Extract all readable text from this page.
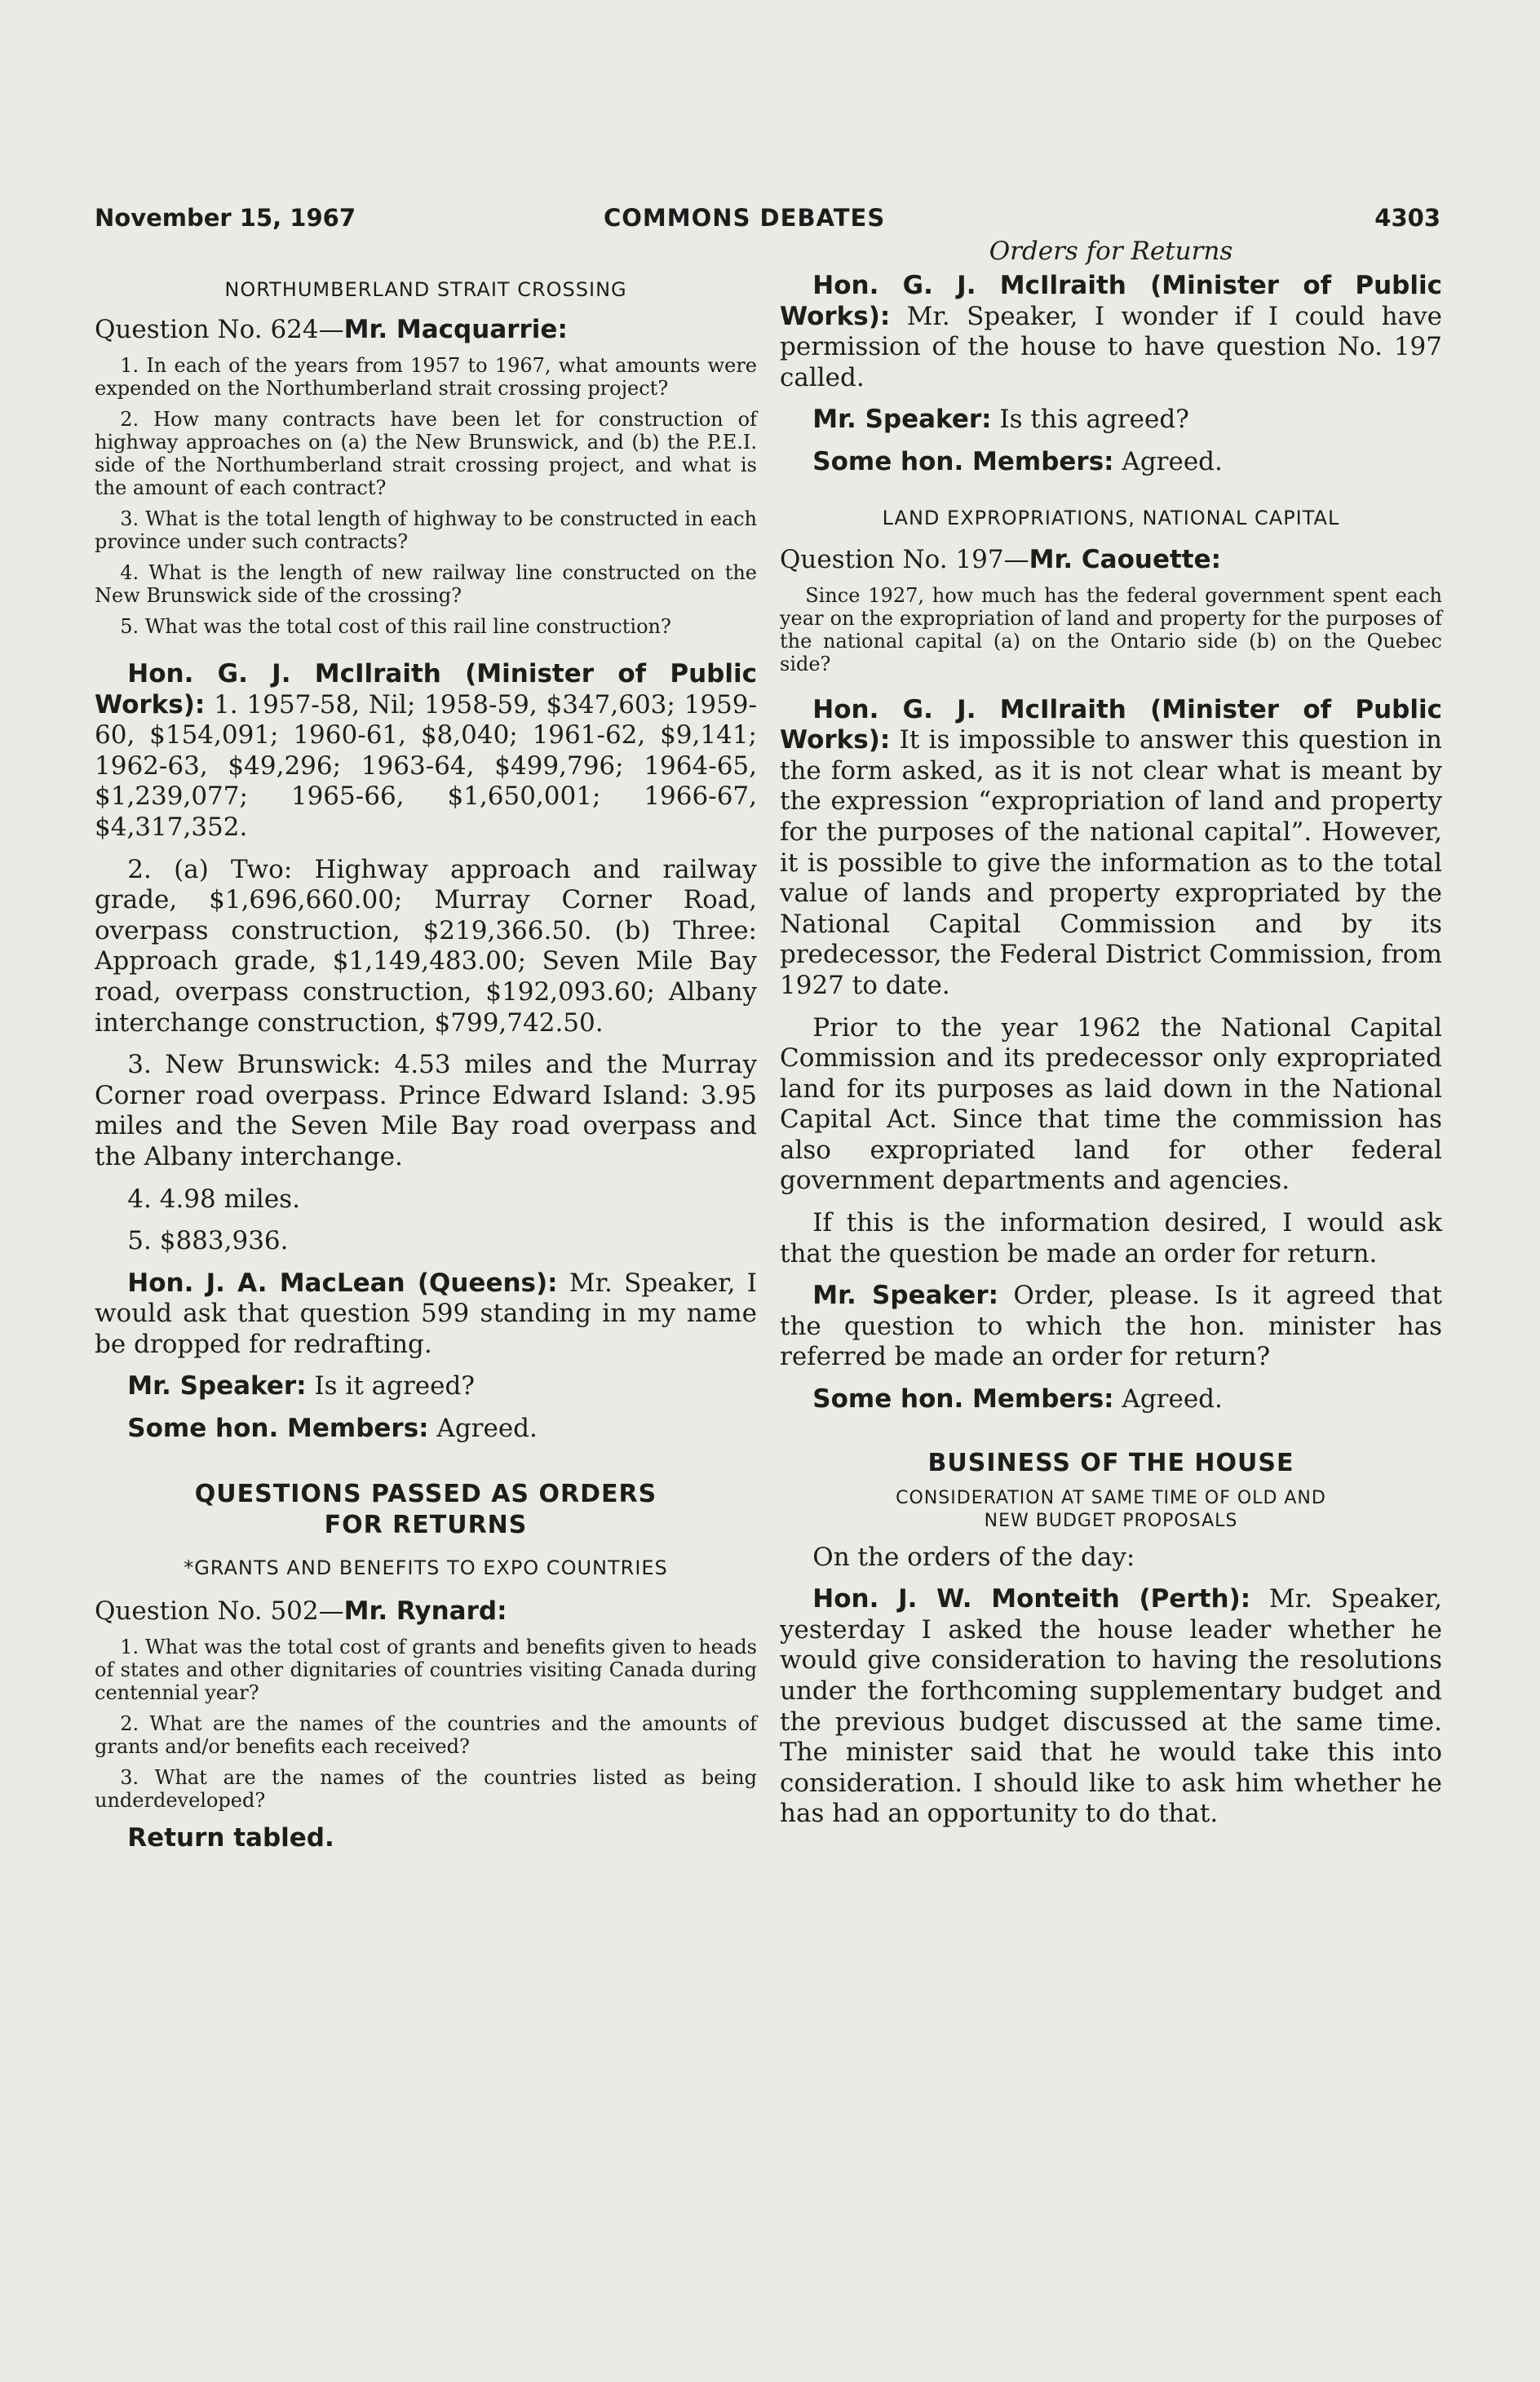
November 15, 1967	COMMONS DEBATES	4303

NORTHUMBERLAND STRAIT CROSSING

Question No. 624—Mr. Macquarrie:

1. In each of the years from 1957 to 1967, what amounts were expended on the Northumberland strait crossing project?

2. How many contracts have been let for construction of highway approaches on (a) the New Brunswick, and (b) the P.E.I. side of the Northumberland strait crossing project, and what is the amount of each contract?

3. What is the total length of highway to be constructed in each province under such contracts?

4. What is the length of new railway line constructed on the New Brunswick side of the crossing?

5. What was the total cost of this rail line construction?

Hon. G. J. McIlraith (Minister of Public Works): 1. 1957-58, Nil; 1958-59, $347,603; 1959-60, $154,091; 1960-61, $8,040; 1961-62, $9,141; 1962-63, $49,296; 1963-64, $499,796; 1964-65, $1,239,077; 1965-66, $1,650,001; 1966-67, $4,317,352.

2. (a) Two: Highway approach and railway grade, $1,696,660.00; Murray Corner Road, overpass construction, $219,366.50. (b) Three: Approach grade, $1,149,483.00; Seven Mile Bay road, overpass construction, $192,093.60; Albany interchange construction, $799,742.50.

3. New Brunswick: 4.53 miles and the Murray Corner road overpass. Prince Edward Island: 3.95 miles and the Seven Mile Bay road overpass and the Albany interchange.

4. 4.98 miles.

5. $883,936.

Hon. J. A. MacLean (Queens): Mr. Speaker, I would ask that question 599 standing in my name be dropped for redrafting.

Mr. Speaker: Is it agreed?

Some hon. Members: Agreed.

QUESTIONS PASSED AS ORDERS

FOR RETURNS

*GRANTS AND BENEFITS TO EXPO COUNTRIES

Question No. 502—Mr. Rynard:

1. What was the total cost of grants and benefits given to heads of states and other dignitaries of countries visiting Canada during centennial year?

2. What are the names of the countries and the amounts of grants and/or benefits each received?

3. What are the names of the countries listed as being underdeveloped?

Return tabled.

Orders for Returns

Hon. G. J. McIlraith (Minister of Public Works): Mr. Speaker, I wonder if I could have permission of the house to have question No. 197 called.

Mr. Speaker: Is this agreed?

Some hon. Members: Agreed.

LAND EXPROPRIATIONS, NATIONAL CAPITAL

Question No. 197—Mr. Caouette:

Since 1927, how much has the federal government spent each year on the expropriation of land and property for the purposes of the national capital (a) on the Ontario side (b) on the Quebec side?

Hon. G. J. McIlraith (Minister of Public Works): It is impossible to answer this question in the form asked, as it is not clear what is meant by the expression “expropriation of land and property for the purposes of the national capital”. However, it is possible to give the information as to the total value of lands and property expropriated by the National Capital Commission and by its predecessor, the Federal District Commission, from 1927 to date.

Prior to the year 1962 the National Capital Commission and its predecessor only expropriated land for its purposes as laid down in the National Capital Act. Since that time the commission has also expropriated land for other federal government departments and agencies.

If this is the information desired, I would ask that the question be made an order for return.

Mr. Speaker: Order, please. Is it agreed that the question to which the hon. minister has referred be made an order for return?

Some hon. Members: Agreed.

BUSINESS OF THE HOUSE

CONSIDERATION AT SAME TIME OF OLD AND

NEW BUDGET PROPOSALS

On the orders of the day:

Hon. J. W. Monteith (Perth): Mr. Speaker, yesterday I asked the house leader whether he would give consideration to having the resolutions under the forthcoming supplementary budget and the previous budget discussed at the same time. The minister said that he would take this into consideration. I should like to ask him whether he has had an opportunity to do that.
